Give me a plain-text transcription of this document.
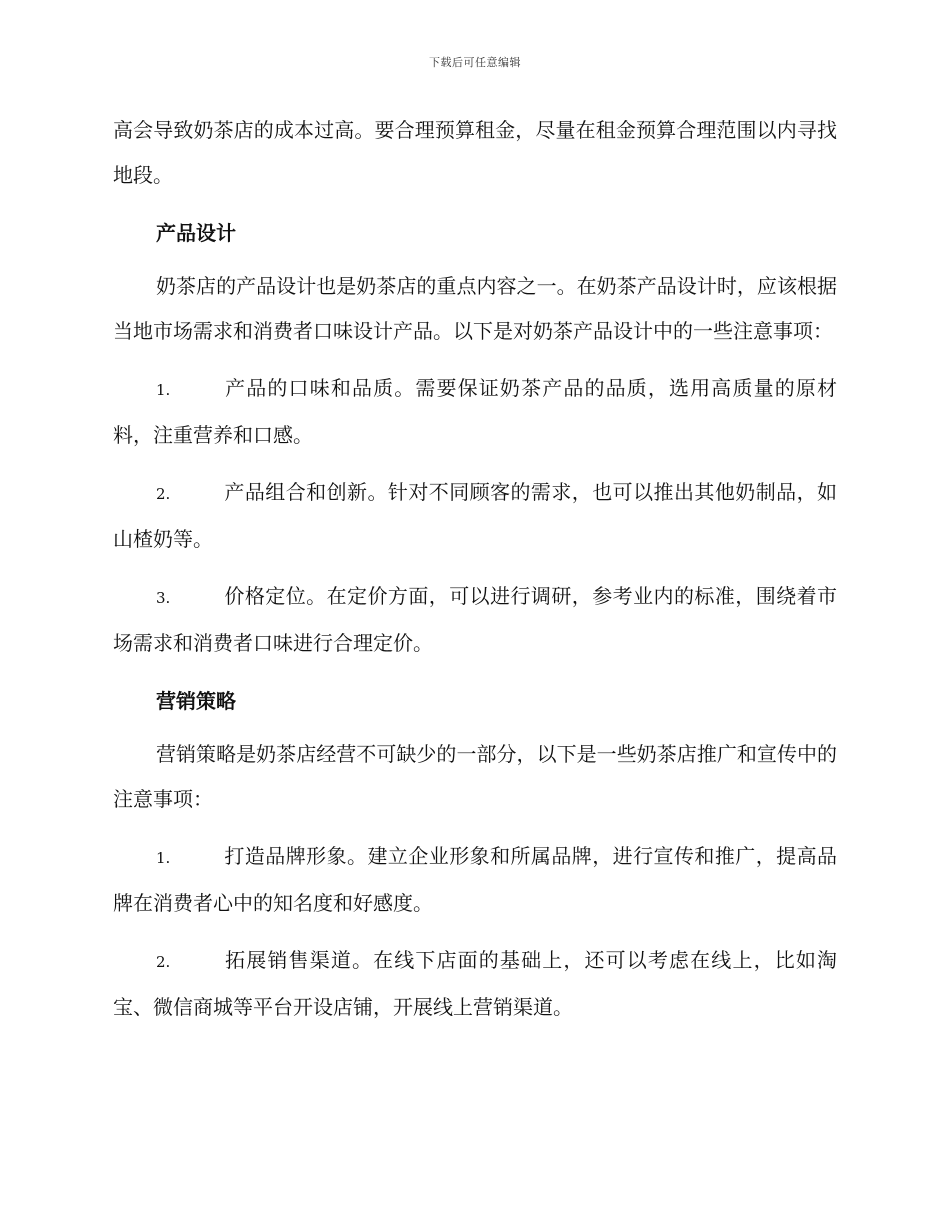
下载后可任意编辑

高会导致奶茶店的成本过高。要合理预算租金，尽量在租金预算合理范围以内寻找地段。

产品设计

奶茶店的产品设计也是奶茶店的重点内容之一。在奶茶产品设计时，应该根据当地市场需求和消费者口味设计产品。以下是对奶茶产品设计中的一些注意事项：

1.	产品的口味和品质。需要保证奶茶产品的品质，选用高质量的原材料，注重营养和口感。

2.	产品组合和创新。针对不同顾客的需求，也可以推出其他奶制品，如山楂奶等。

3.	价格定位。在定价方面，可以进行调研，参考业内的标准，围绕着市场需求和消费者口味进行合理定价。

营销策略

营销策略是奶茶店经营不可缺少的一部分，以下是一些奶茶店推广和宣传中的注意事项：

1.	打造品牌形象。建立企业形象和所属品牌，进行宣传和推广，提高品牌在消费者心中的知名度和好感度。

2.	拓展销售渠道。在线下店面的基础上，还可以考虑在线上，比如淘宝、微信商城等平台开设店铺，开展线上营销渠道。
